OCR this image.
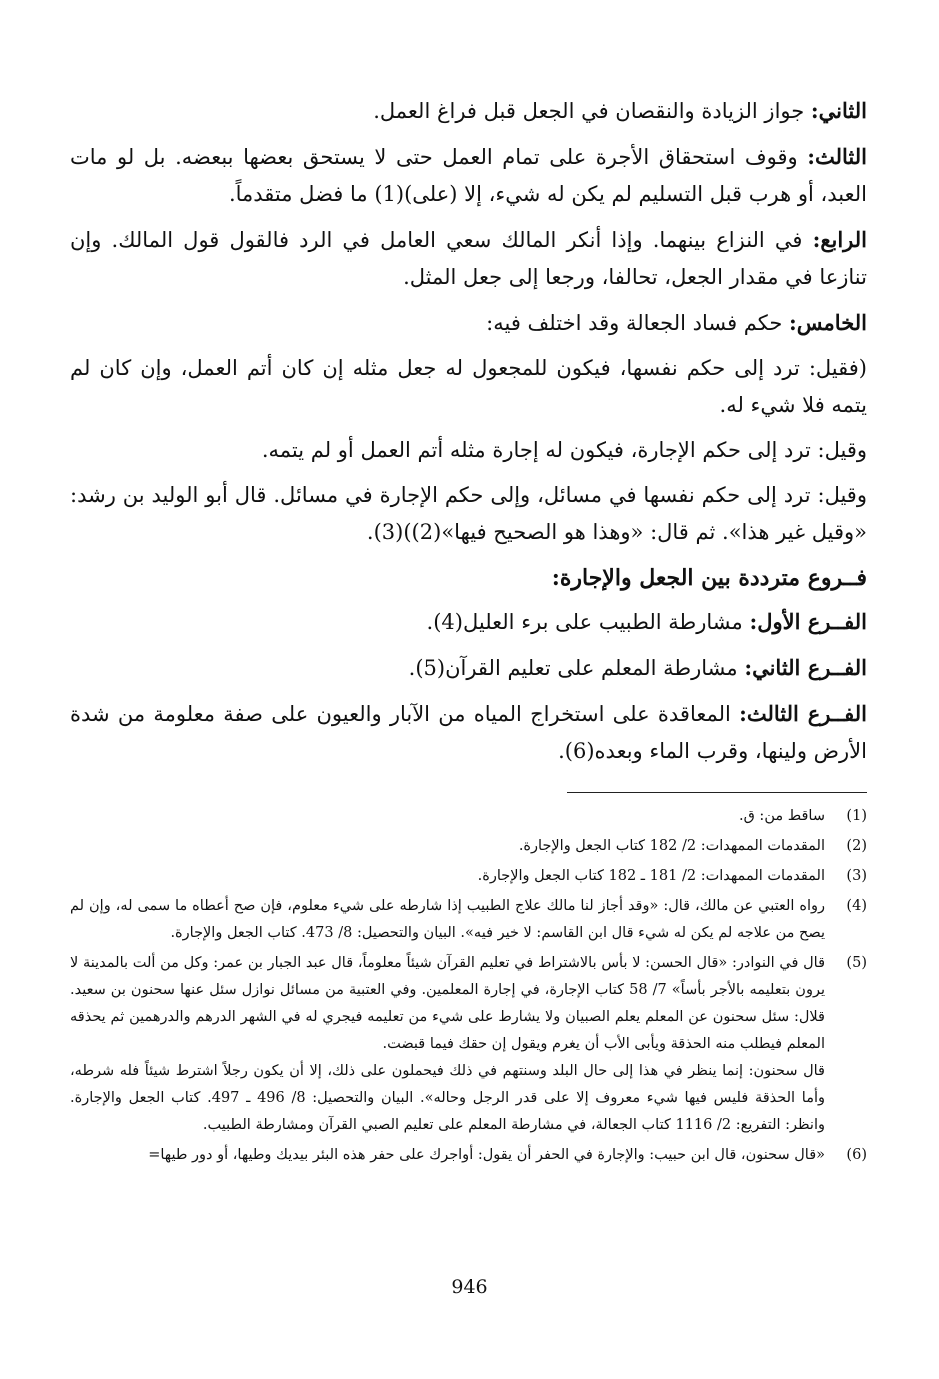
الثاني: جواز الزيادة والنقصان في الجعل قبل فراغ العمل.

الثالث: وقوف استحقاق الأجرة على تمام العمل حتى لا يستحق بعضها ببعضه. بل لو مات العبد، أو هرب قبل التسليم لم يكن له شيء، إلا (على)(1) ما فضل متقدماً.

الرابع: في النزاع بينهما. وإذا أنكر المالك سعي العامل في الرد فالقول قول المالك. وإن تنازعا في مقدار الجعل، تحالفا، ورجعا إلى جعل المثل.

الخامس: حكم فساد الجعالة وقد اختلف فيه:

(فقيل: ترد إلى حكم نفسها، فيكون للمجعول له جعل مثله إن كان أتم العمل، وإن كان لم يتمه فلا شيء له.

وقيل: ترد إلى حكم الإجارة، فيكون له إجارة مثله أتم العمل أو لم يتمه.

وقيل: ترد إلى حكم نفسها في مسائل، وإلى حكم الإجارة في مسائل. قال أبو الوليد بن رشد: «وقيل غير هذا». ثم قال: «وهذا هو الصحيح فيها»(2))(3).

فــروع مترددة بين الجعل والإجارة:

الفــرع الأول: مشارطة الطبيب على برء العليل(4).

الفــرع الثاني: مشارطة المعلم على تعليم القرآن(5).

الفــرع الثالث: المعاقدة على استخراج المياه من الآبار والعيون على صفة معلومة من شدة الأرض ولينها، وقرب الماء وبعده(6).

(1)
ساقط من: ق.
(2)
المقدمات الممهدات: 2/ 182 كتاب الجعل والإجارة.
(3)
المقدمات الممهدات: 2/ 181 ـ 182 كتاب الجعل والإجارة.
(4)
رواه العتبي عن مالك، قال: «وقد أجاز لنا مالك علاج الطبيب إذا شارطه على شيء معلوم، فإن صح أعطاه ما سمى له، وإن لم يصح من علاجه لم يكن له شيء قال ابن القاسم: لا خير فيه». البيان والتحصيل: 8/ 473. كتاب الجعل والإجارة.
(5)

قال في النوادر: «قال الحسن: لا بأس بالاشتراط في تعليم القرآن شيئاً معلوماً، قال عبد الجبار بن عمر: وكل من ألت بالمدينة لا يرون بتعليمه بالأجر بأساً» 7/ 58 كتاب الإجارة، في إجارة المعلمين. وفي العتبية من مسائل نوازل سئل عنها سحنون بن سعيد. قلال: سئل سحنون عن المعلم يعلم الصبيان ولا يشارط على شيء من تعليمه فيجري له في الشهر الدرهم والدرهمين ثم يحذقه المعلم فيطلب منه الحذقة ويأبى الأب أن يغرم ويقول إن حقك فيما قبضت.

قال سحنون: إنما ينظر في هذا إلى حال البلد وسنتهم في ذلك فيحملون على ذلك، إلا أن يكون رجلاً اشترط شيئاً فله شرطه، وأما الحذقة فليس فيها شيء معروف إلا على قدر الرجل وحاله». البيان والتحصيل: 8/ 496 ـ 497. كتاب الجعل والإجارة. وانظر: التفريع: 2/ 1116 كتاب الجعالة، في مشارطة المعلم على تعليم الصبي القرآن ومشارطة الطبيب.

(6)
«قال سحنون، قال ابن حبيب: والإجارة في الحفر أن يقول: أواجرك على حفر هذه البئر بيديك وطيها، أو دور طيها=
946
